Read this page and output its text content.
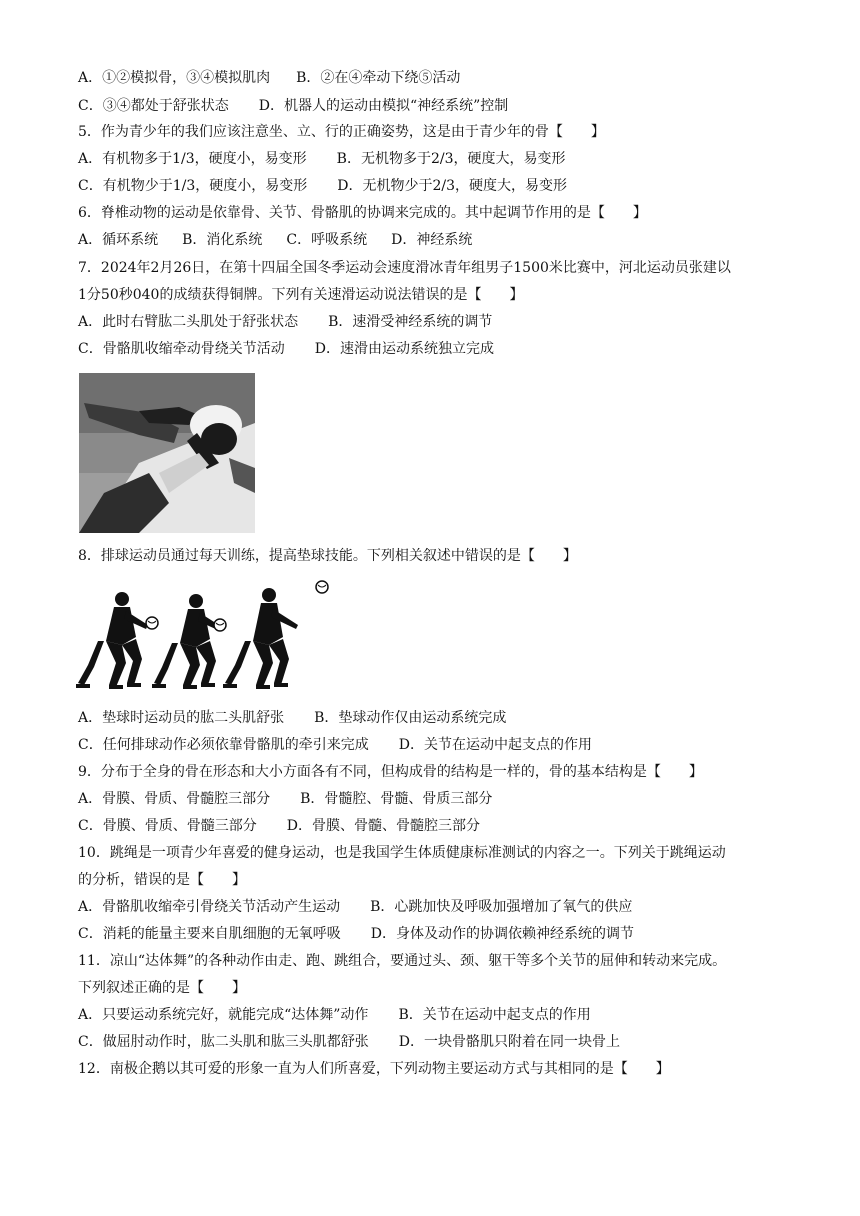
A．①②模拟骨，③④模拟肌肉 B．②在④牵动下绕⑤活动
C．③④都处于舒张状态 D．机器人的运动由模拟“神经系统”控制
5．作为青少年的我们应该注意坐、立、行的正确姿势，这是由于青少年的骨【　　】
A．有机物多于1/3，硬度小，易变形 B．无机物多于2/3，硬度大，易变形
C．有机物少于1/3，硬度小，易变形 D．无机物少于2/3，硬度大，易变形
6．脊椎动物的运动是依靠骨、关节、骨骼肌的协调来完成的。其中起调节作用的是【　　】
A．循环系统 B．消化系统 C．呼吸系统 D．神经系统
7．2024年2月26日，在第十四届全国冬季运动会速度滑冰青年组男子1500米比赛中，河北运动员张建以
1分50秒040的成绩获得铜牌。下列有关速滑运动说法错误的是【　　】
A．此时右臂肱二头肌处于舒张状态 B．速滑受神经系统的调节
C．骨骼肌收缩牵动骨绕关节活动 D．速滑由运动系统独立完成
8．排球运动员通过每天训练，提高垫球技能。下列相关叙述中错误的是【　　】
A．垫球时运动员的肱二头肌舒张 B．垫球动作仅由运动系统完成
C．任何排球动作必须依靠骨骼肌的牵引来完成 D．关节在运动中起支点的作用
9．分布于全身的骨在形态和大小方面各有不同，但构成骨的结构是一样的，骨的基本结构是【　　】
A．骨膜、骨质、骨髓腔三部分 B．骨髓腔、骨髓、骨质三部分
C．骨膜、骨质、骨髓三部分 D．骨膜、骨髓、骨髓腔三部分
10．跳绳是一项青少年喜爱的健身运动，也是我国学生体质健康标准测试的内容之一。下列关于跳绳运动
的分析，错误的是【　　】
A．骨骼肌收缩牵引骨绕关节活动产生运动 B．心跳加快及呼吸加强增加了氧气的供应
C．消耗的能量主要来自肌细胞的无氧呼吸 D．身体及动作的协调依赖神经系统的调节
11．凉山“达体舞”的各种动作由走、跑、跳组合，要通过头、颈、躯干等多个关节的屈伸和转动来完成。
下列叙述正确的是【　　】
A．只要运动系统完好，就能完成“达体舞”动作 B．关节在运动中起支点的作用
C．做屈肘动作时，肱二头肌和肱三头肌都舒张 D．一块骨骼肌只附着在同一块骨上
12．南极企鹅以其可爱的形象一直为人们所喜爱，下列动物主要运动方式与其相同的是【　　】
